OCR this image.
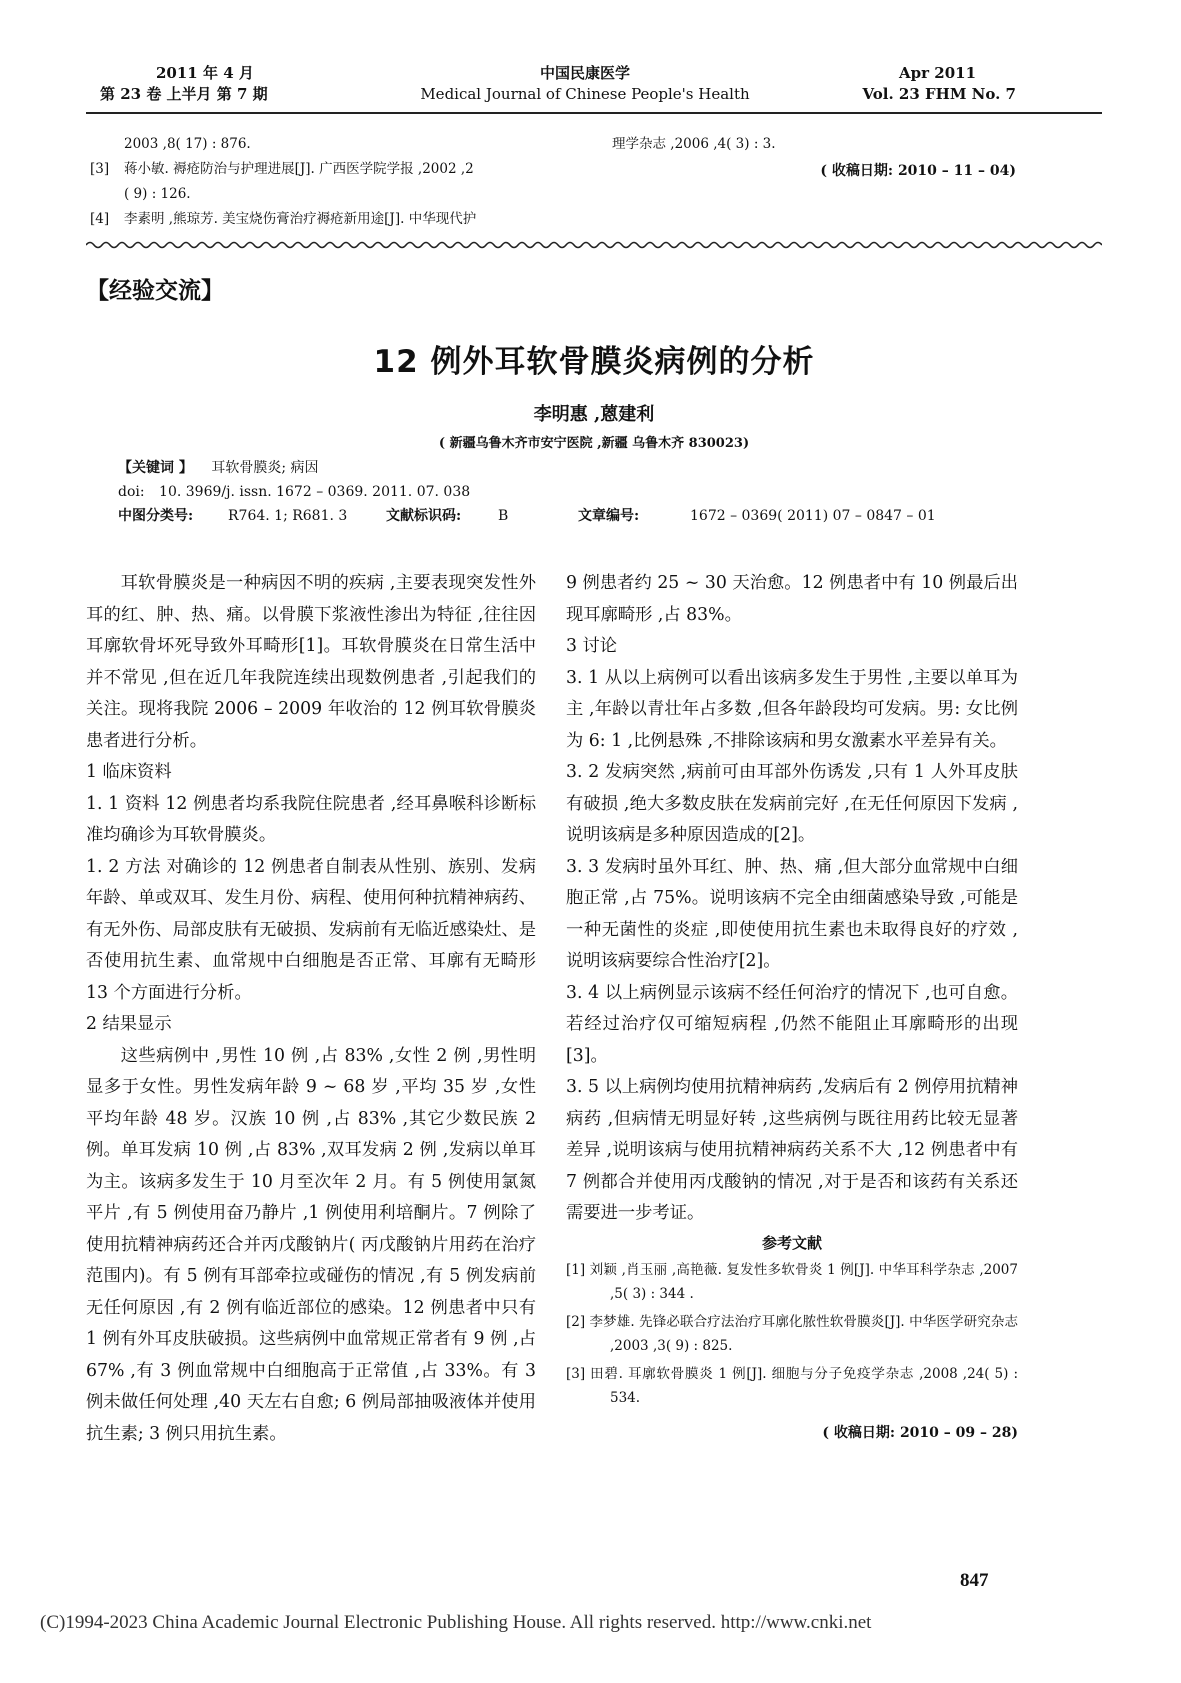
2011 年 4 月
第 23 卷 上半月 第 7 期
中国民康医学
Medical Journal of Chinese People's Health
Apr 2011
Vol. 23 FHM No. 7
2003 ,8( 17) : 876.
[3] 蒋小敏. 褥疮防治与护理进展[J]. 广西医学院学报 ,2002 ,2
( 9) : 126.
[4] 李素明 ,熊琼芳. 美宝烧伤膏治疗褥疮新用途[J]. 中华现代护
理学杂志 ,2006 ,4( 3) : 3.
( 收稿日期: 2010 – 11 – 04)
【经验交流】
12 例外耳软骨膜炎病例的分析
李明惠 ,蒽建利
( 新疆乌鲁木齐市安宁医院 ,新疆 乌鲁木齐 830023)
【关键词 】 耳软骨膜炎; 病因
doi: 10. 3969/j. issn. 1672 – 0369. 2011. 07. 038
中图分类号: R764. 1; R681. 3	文献标识码:	B	文章编号:	1672 – 0369( 2011) 07 – 0847 – 01

耳软骨膜炎是一种病因不明的疾病 ,主要表现突发性外耳的红、肿、热、痛。以骨膜下浆液性渗出为特征 ,往往因耳廓软骨坏死导致外耳畸形[1]。耳软骨膜炎在日常生活中并不常见 ,但在近几年我院连续出现数例患者 ,引起我们的关注。现将我院 2006 – 2009 年收治的 12 例耳软骨膜炎患者进行分析。

1 临床资料

1. 1 资料 12 例患者均系我院住院患者 ,经耳鼻喉科诊断标准均确诊为耳软骨膜炎。

1. 2 方法 对确诊的 12 例患者自制表从性别、族别、发病年龄、单或双耳、发生月份、病程、使用何种抗精神病药、有无外伤、局部皮肤有无破损、发病前有无临近感染灶、是否使用抗生素、血常规中白细胞是否正常、耳廓有无畸形 13 个方面进行分析。

2 结果显示

这些病例中 ,男性 10 例 ,占 83% ,女性 2 例 ,男性明显多于女性。男性发病年龄 9 ~ 68 岁 ,平均 35 岁 ,女性平均年龄 48 岁。汉族 10 例 ,占 83% ,其它少数民族 2 例。单耳发病 10 例 ,占 83% ,双耳发病 2 例 ,发病以单耳为主。该病多发生于 10 月至次年 2 月。有 5 例使用氯氮平片 ,有 5 例使用奋乃静片 ,1 例使用利培酮片。7 例除了使用抗精神病药还合并丙戊酸钠片( 丙戊酸钠片用药在治疗范围内)。有 5 例有耳部牵拉或碰伤的情况 ,有 5 例发病前无任何原因 ,有 2 例有临近部位的感染。12 例患者中只有 1 例有外耳皮肤破损。这些病例中血常规正常者有 9 例 ,占 67% ,有 3 例血常规中白细胞高于正常值 ,占 33%。有 3 例未做任何处理 ,40 天左右自愈; 6 例局部抽吸液体并使用抗生素; 3 例只用抗生素。

9 例患者约 25 ~ 30 天治愈。12 例患者中有 10 例最后出现耳廓畸形 ,占 83%。

3 讨论

3. 1 从以上病例可以看出该病多发生于男性 ,主要以单耳为主 ,年龄以青壮年占多数 ,但各年龄段均可发病。男: 女比例为 6: 1 ,比例悬殊 ,不排除该病和男女激素水平差异有关。

3. 2 发病突然 ,病前可由耳部外伤诱发 ,只有 1 人外耳皮肤有破损 ,绝大多数皮肤在发病前完好 ,在无任何原因下发病 ,说明该病是多种原因造成的[2]。

3. 3 发病时虽外耳红、肿、热、痛 ,但大部分血常规中白细胞正常 ,占 75%。说明该病不完全由细菌感染导致 ,可能是一种无菌性的炎症 ,即使使用抗生素也未取得良好的疗效 ,说明该病要综合性治疗[2]。

3. 4 以上病例显示该病不经任何治疗的情况下 ,也可自愈。若经过治疗仅可缩短病程 ,仍然不能阻止耳廓畸形的出现[3]。

3. 5 以上病例均使用抗精神病药 ,发病后有 2 例停用抗精神病药 ,但病情无明显好转 ,这些病例与既往用药比较无显著差异 ,说明该病与使用抗精神病药关系不大 ,12 例患者中有 7 例都合并使用丙戊酸钠的情况 ,对于是否和该药有关系还需要进一步考证。

参考文献
[1] 刘颖 ,肖玉丽 ,高艳薇. 复发性多软骨炎 1 例[J]. 中华耳科学杂志 ,2007 ,5( 3) : 344 .
[2] 李梦雄. 先锋必联合疗法治疗耳廓化脓性软骨膜炎[J]. 中华医学研究杂志 ,2003 ,3( 9) : 825.
[3] 田碧. 耳廓软骨膜炎 1 例[J]. 细胞与分子免疫学杂志 ,2008 ,24( 5) : 534.
( 收稿日期: 2010 – 09 – 28)
847
(C)1994-2023 China Academic Journal Electronic Publishing House. All rights reserved. http://www.cnki.net
